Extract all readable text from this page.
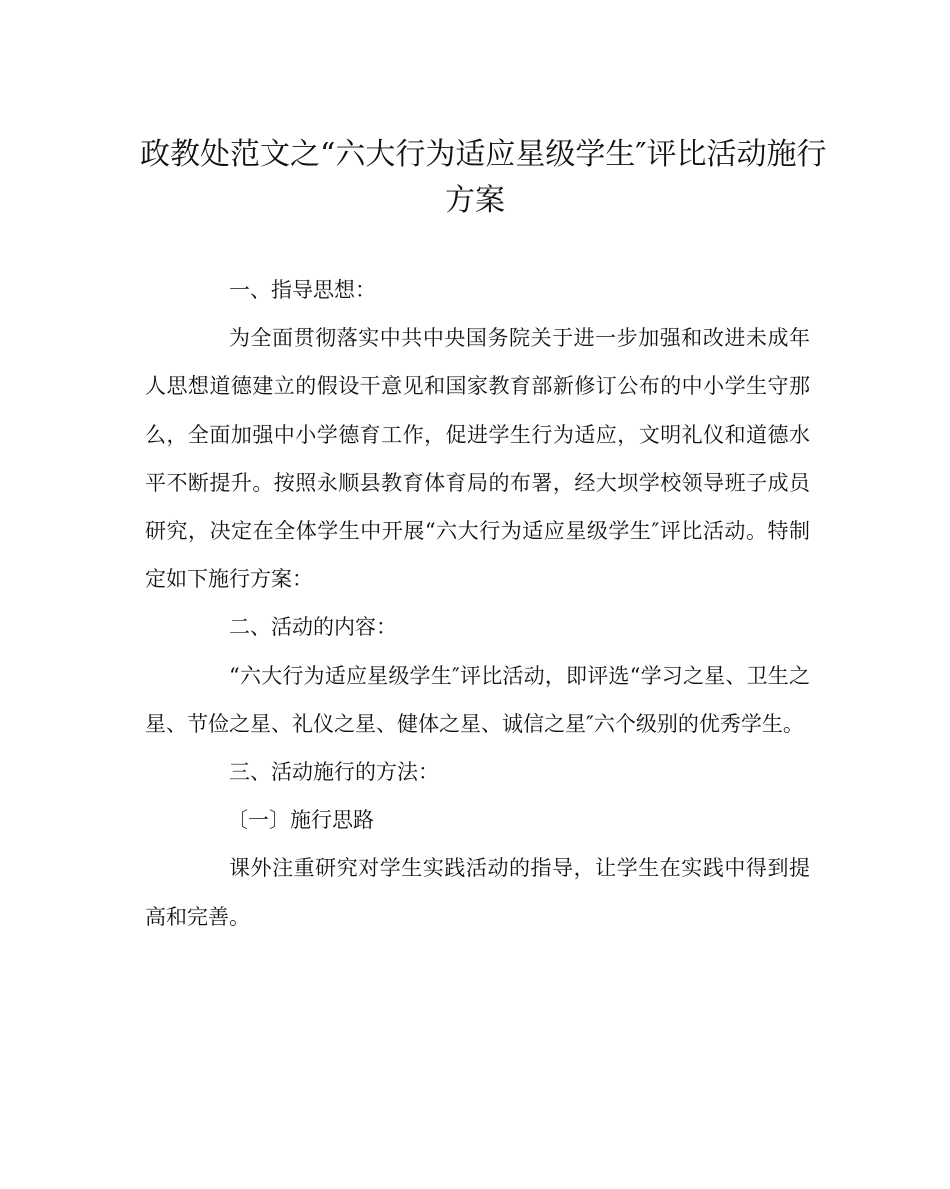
政教处范文之“六大行为适应星级学生″评比活动施行
方案

一、指导思想：

为全面贯彻落实中共中央国务院关于进一步加强和改进未成年人思想道德建立的假设干意见和国家教育部新修订公布的中小学生守那么，全面加强中小学德育工作，促进学生行为适应，文明礼仪和道德水平不断提升。按照永顺县教育体育局的布署，经大坝学校领导班子成员研究，决定在全体学生中开展“六大行为适应星级学生″评比活动。特制定如下施行方案：

二、活动的内容：

“六大行为适应星级学生″评比活动，即评选“学习之星、卫生之星、节俭之星、礼仪之星、健体之星、诚信之星″六个级别的优秀学生。

三、活动施行的方法：

〔一〕施行思路

课外注重研究对学生实践活动的指导，让学生在实践中得到提高和完善。
